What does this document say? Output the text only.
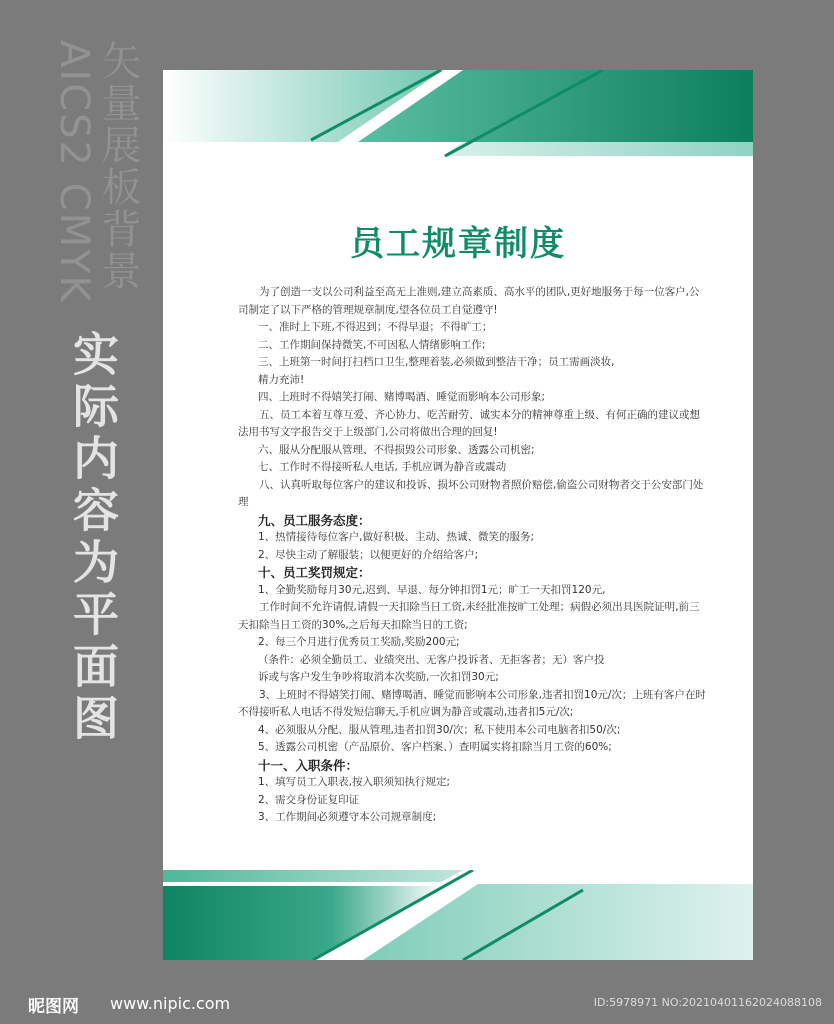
矢量展板背景
AICS2 CMYK
实际内容为平面图
员工规章制度

为了创造一支以公司利益至高无上准则,建立高素质、高水平的团队,更好地服务于每一位客户,公司制定了以下严格的管理规章制度,望各位员工自觉遵守!

一、准时上下班,不得迟到；不得早退；不得旷工；

二、工作期间保持微笑,不可因私人情绪影响工作;

三、上班第一时间打扫档口卫生,整理着装,必须做到整洁干净；员工需画淡妆,

精力充沛!

四、上班时不得嬉笑打闹、赌博喝酒、睡觉而影响本公司形象;

五、员工本着互尊互爱、齐心协力、吃苦耐劳、诚实本分的精神尊重上级、有何正确的建议或想法用书写文字报告交于上级部门,公司将做出合理的回复!

六、服从分配服从管理、不得损毁公司形象、透露公司机密;

七、工作时不得接听私人电话, 手机应调为静音或震动

八、认真听取每位客户的建议和投诉、损坏公司财物者照价赔偿,偷盗公司财物者交于公安部门处理

九、员工服务态度：

1、热情接待每位客户,做好积极、主动、热诚、微笑的服务;

2、尽快主动了解服装；以便更好的介绍给客户;

十、员工奖罚规定：

1、全勤奖励每月30元,迟到、早退、每分钟扣罚1元；旷工一天扣罚120元,

工作时间不允许请假,请假一天扣除当日工资,未经批准按旷工处理；病假必须出具医院证明,前三天扣除当日工资的30%,之后每天扣除当日的工资;

2、每三个月进行优秀员工奖励,奖励200元;

（条件：必须全勤员工、业绩突出、无客户投诉者、无拒客者；无）客户投

诉或与客户发生争吵将取消本次奖励,一次扣罚30元;

3、上班时不得嬉笑打闹、赌博喝酒、睡觉而影响本公司形象,违者扣罚10元/次；上班有客户在时不得接听私人电话不得发短信聊天,手机应调为静音或震动,违者扣5元/次;

4、必须服从分配、服从管理,违者扣罚30/次；私下使用本公司电脑者扣50/次;

5、透露公司机密（产品原价、客户档案、）查明属实将扣除当月工资的60%;

十一、入职条件：

1、填写员工入职表,按入职须知执行规定;

2、需交身份证复印证

3、工作期间必须遵守本公司规章制度;

昵图网 www.nipic.com	ID:5978971 NO:20210401162024088108
